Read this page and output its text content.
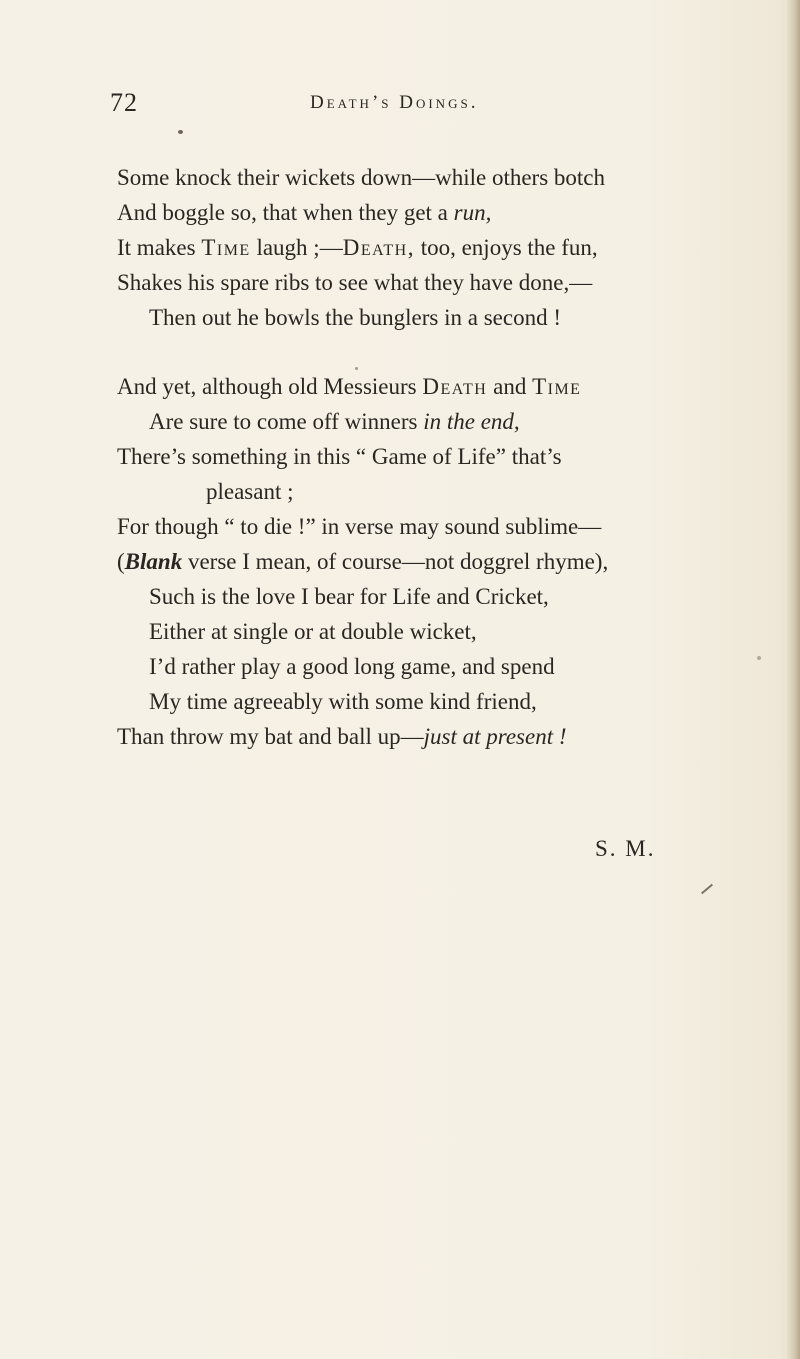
72	Death’s Doings.
Some knock their wickets down—while others botch
And boggle so, that when they get a run,
It makes Time laugh ;—Death, too, enjoys the fun,
Shakes his spare ribs to see what they have done,—
Then out he bowls the bunglers in a second !
And yet, although old Messieurs Death and Time
Are sure to come off winners in the end,
There’s something in this “ Game of Life” that’s
pleasant ;
For though “ to die !” in verse may sound sublime—
(Blank verse I mean, of course—not doggrel rhyme),
Such is the love I bear for Life and Cricket,
Either at single or at double wicket,
I’d rather play a good long game, and spend
My time agreeably with some kind friend,
Than throw my bat and ball up—just at present !
S. M.
